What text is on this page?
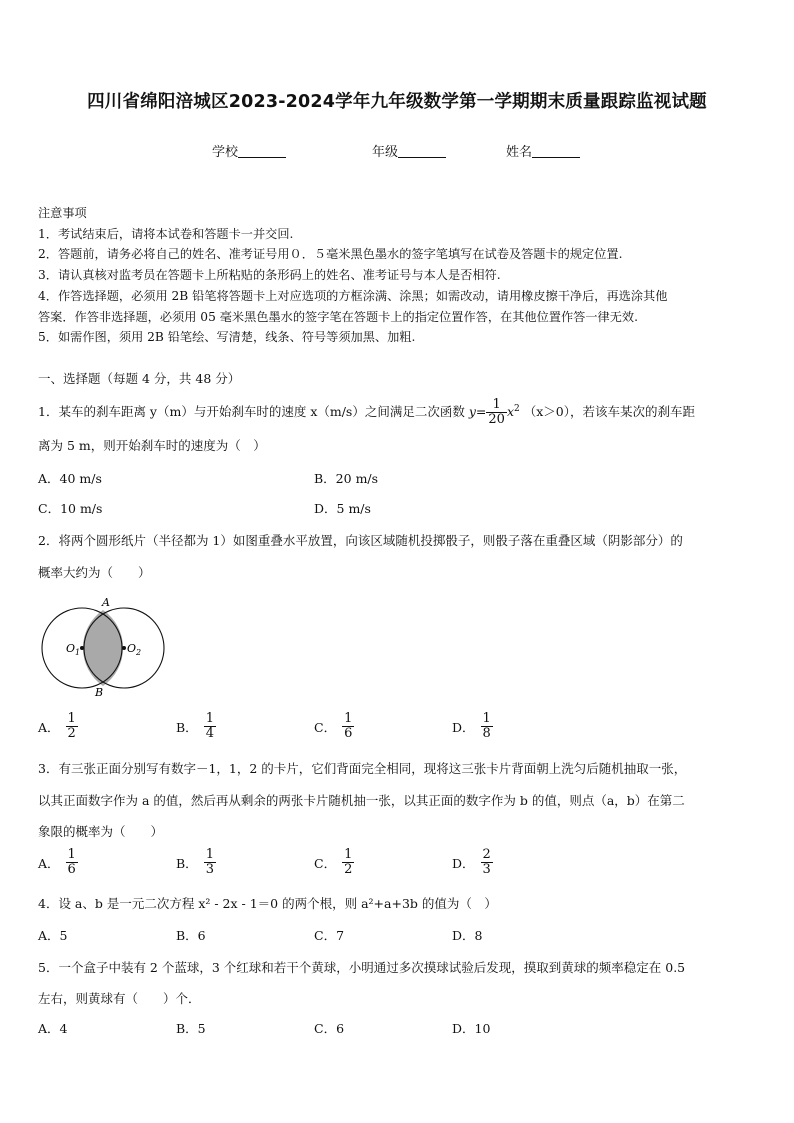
四川省绵阳涪城区2023-2024学年九年级数学第一学期期末质量跟踪监视试题
学校	年级	姓名

注意事项

1．考试结束后，请将本试卷和答题卡一并交回.

2．答题前，请务必将自己的姓名、准考证号用０．５毫米黑色墨水的签字笔填写在试卷及答题卡的规定位置.

3．请认真核对监考员在答题卡上所粘贴的条形码上的姓名、准考证号与本人是否相符.

4．作答选择题，必须用 2B 铅笔将答题卡上对应选项的方框涂满、涂黑；如需改动，请用橡皮擦干净后，再选涂其他

答案．作答非选择题，必须用 05 毫米黑色墨水的签字笔在答题卡上的指定位置作答，在其他位置作答一律无效.

5．如需作图，须用 2B 铅笔绘、写清楚，线条、符号等须加黑、加粗.

一、选择题（每题 4 分，共 48 分）
1．某车的刹车距离 y（m）与开始刹车时的速度 x（m/s）之间满足二次函数 $y= \frac{1}{20} x^2$ （x＞0），若该车某次的刹车距
离为 5 m，则开始刹车时的速度为（　）
A．40 m/s	B．20 m/s
C．10 m/s	D．5 m/s
2．将两个圆形纸片（半径都为 1）如图重叠水平放置，向该区域随机投掷骰子，则骰子落在重叠区域（阴影部分）的
概率大约为（　　）
A
B
$O_1$	$O_2$
A． $\frac{1}{2}$	B． $\frac{1}{4}$	C． $\frac{1}{6}$	D． $\frac{1}{8}$
3．有三张正面分别写有数字－1，1，2 的卡片，它们背面完全相同，现将这三张卡片背面朝上洗匀后随机抽取一张，
以其正面数字作为 a 的值，然后再从剩余的两张卡片随机抽一张，以其正面的数字作为 b 的值，则点（a，b）在第二
象限的概率为（　　）
A． $\frac{1}{6}$	B． $\frac{1}{3}$	C． $\frac{1}{2}$	D． $\frac{2}{3}$
4．设 a、b 是一元二次方程 x² - 2x - 1＝0 的两个根，则 a²+a+3b 的值为（　）
A．5	B．6	C．7	D．8
5．一个盒子中装有 2 个蓝球，3 个红球和若干个黄球，小明通过多次摸球试验后发现，摸取到黄球的频率稳定在 0.5
左右，则黄球有（　　）个．
A．4	B．5	C．6	D．10
